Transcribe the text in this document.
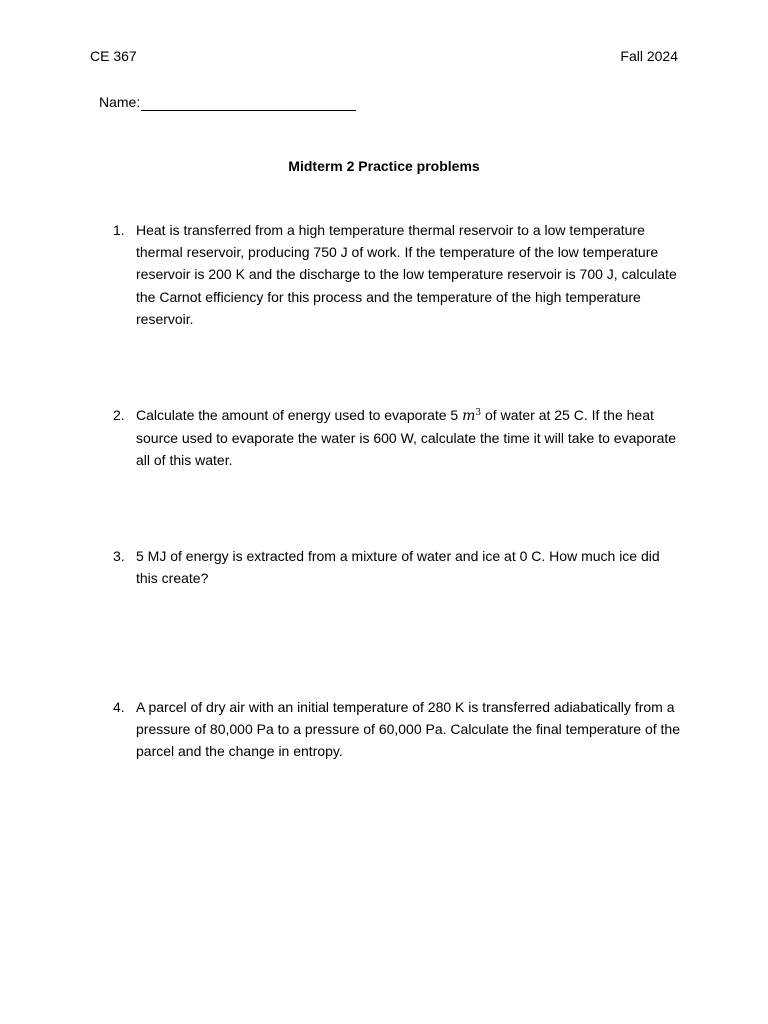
CE 367	Fall 2024
Name:
Midterm 2 Practice problems
1. Heat is transferred from a high temperature thermal reservoir to a low temperature thermal reservoir, producing 750 J of work. If the temperature of the low temperature reservoir is 200 K and the discharge to the low temperature reservoir is 700 J, calculate the Carnot efficiency for this process and the temperature of the high temperature reservoir.
2. Calculate the amount of energy used to evaporate 5 $m^3$ of water at 25 C. If the heat source used to evaporate the water is 600 W, calculate the time it will take to evaporate all of this water.
3. 5 MJ of energy is extracted from a mixture of water and ice at 0 C. How much ice did this create?
4. A parcel of dry air with an initial temperature of 280 K is transferred adiabatically from a pressure of 80,000 Pa to a pressure of 60,000 Pa. Calculate the final temperature of the parcel and the change in entropy.
